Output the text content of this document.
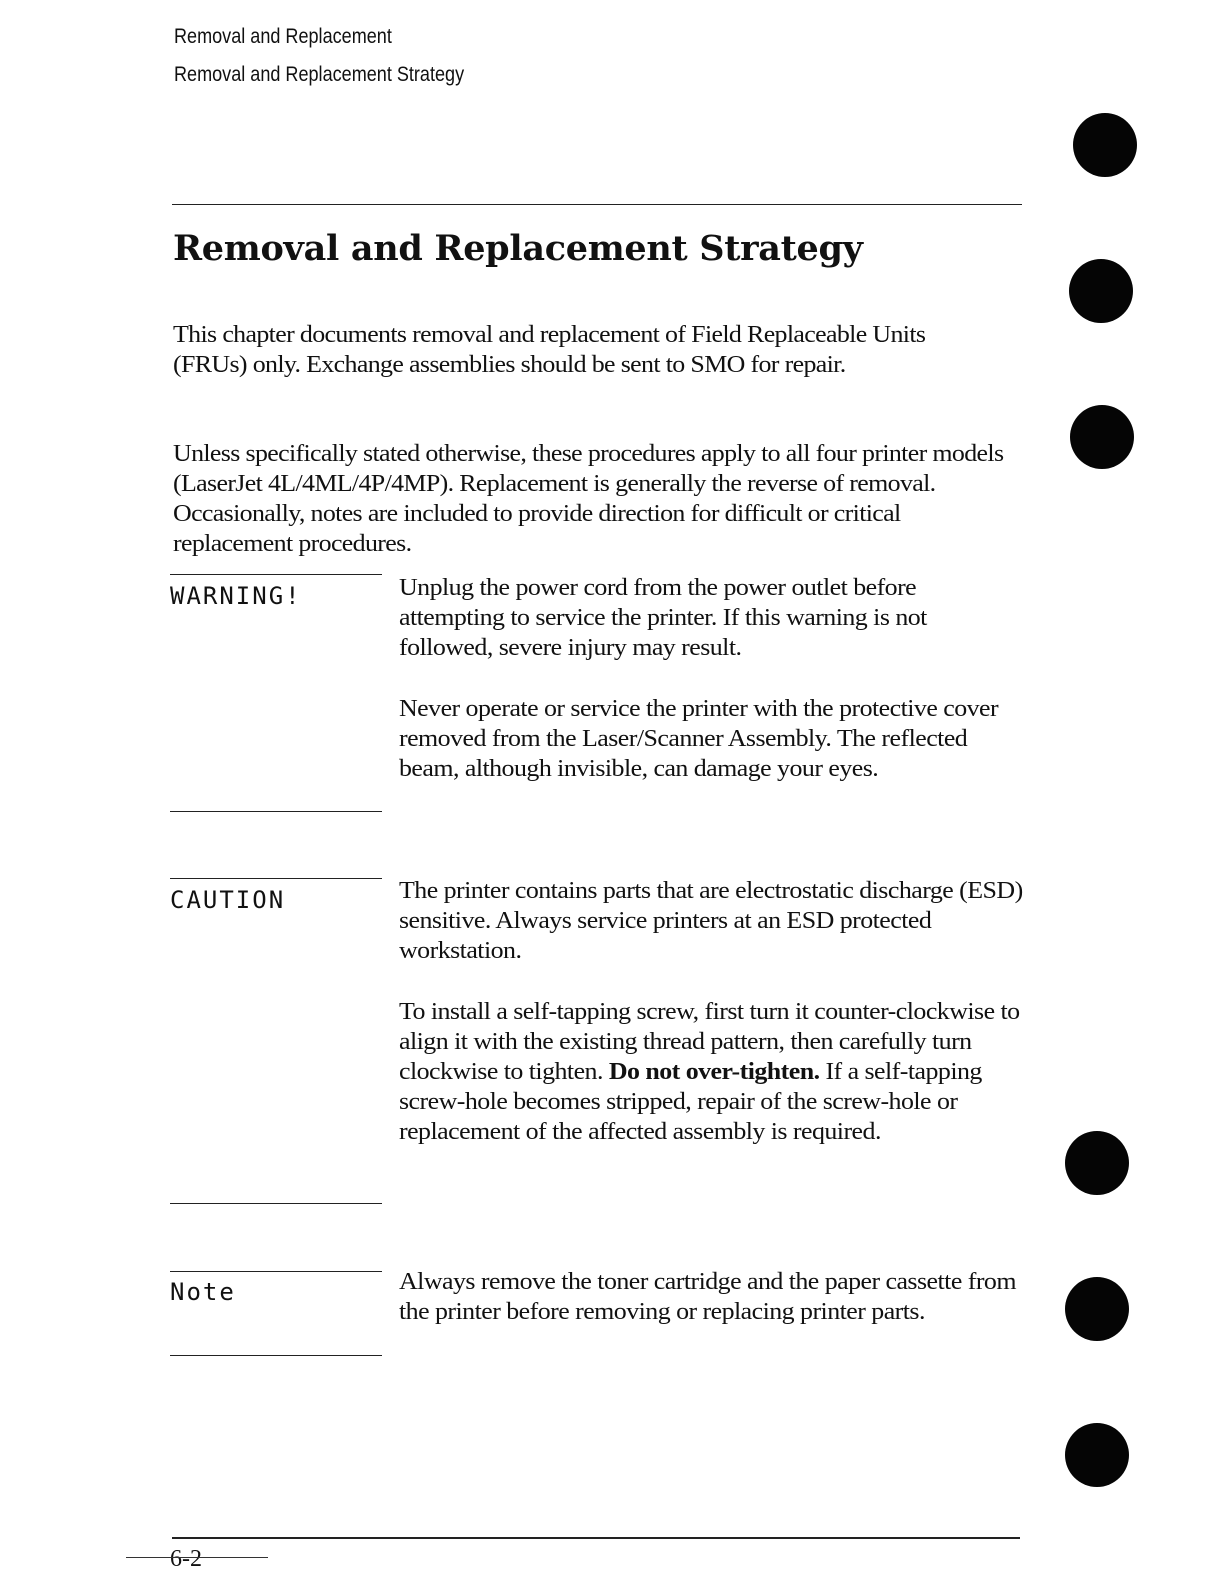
Removal and Replacement
Removal and Replacement Strategy
Removal and Replacement Strategy

This chapter documents removal and replacement of Field Replaceable Units (FRUs) only. Exchange assemblies should be sent to SMO for repair.

Unless specifically stated otherwise, these procedures apply to all four printer models (LaserJet 4L/4ML/4P/4MP). Replacement is generally the reverse of removal. Occasionally, notes are included to provide direction for difficult or critical replacement procedures.

WARNING!	Unplug the power cord from the power outlet before attempting to service the printer. If this warning is not followed, severe injury may result.

Never operate or service the printer with the protective cover removed from the Laser/Scanner Assembly. The reflected beam, although invisible, can damage your eyes.

CAUTION	The printer contains parts that are electrostatic discharge (ESD) sensitive. Always service printers at an ESD protected workstation.

To install a self-tapping screw, first turn it counter-clockwise to align it with the existing thread pattern, then carefully turn clockwise to tighten. Do not over-tighten. If a self-tapping screw-hole becomes stripped, repair of the screw-hole or replacement of the affected assembly is required.

Note	Always remove the toner cartridge and the paper cassette from the printer before removing or replacing printer parts.

6-2
